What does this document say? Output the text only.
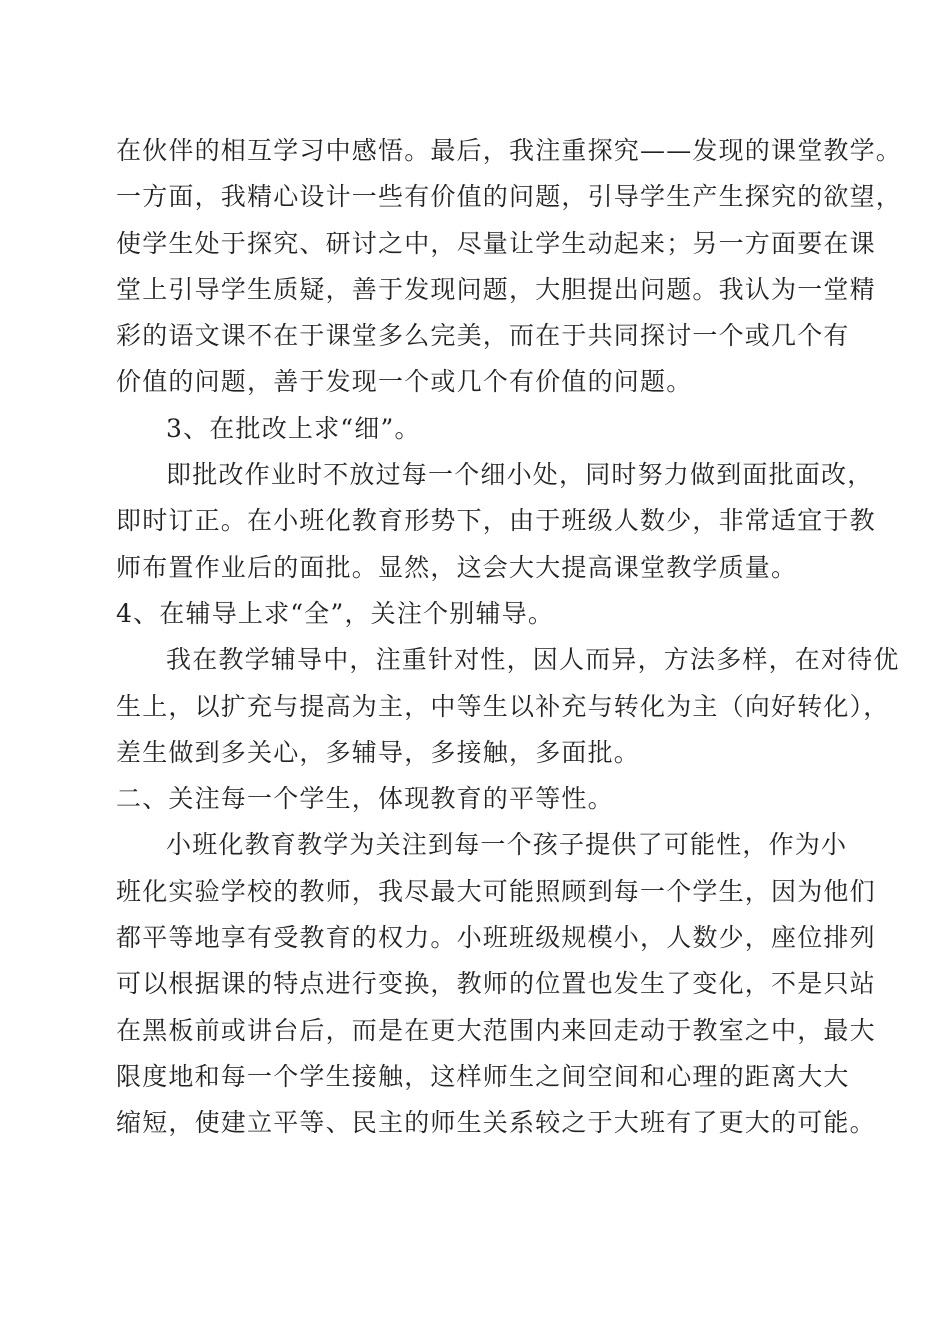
在伙伴的相互学习中感悟。最后，我注重探究——发现的课堂教学。
一方面，我精心设计一些有价值的问题，引导学生产生探究的欲望，
使学生处于探究、研讨之中，尽量让学生动起来；另一方面要在课
堂上引导学生质疑，善于发现问题，大胆提出问题。我认为一堂精
彩的语文课不在于课堂多么完美，而在于共同探讨一个或几个有
价值的问题，善于发现一个或几个有价值的问题。
3、在批改上求“细”。
即批改作业时不放过每一个细小处，同时努力做到面批面改，
即时订正。在小班化教育形势下，由于班级人数少，非常适宜于教
师布置作业后的面批。显然，这会大大提高课堂教学质量。
4、在辅导上求“全”，关注个别辅导。
我在教学辅导中，注重针对性，因人而异，方法多样，在对待优
生上，以扩充与提高为主，中等生以补充与转化为主（向好转化），
差生做到多关心，多辅导，多接触，多面批。
二、关注每一个学生，体现教育的平等性。
小班化教育教学为关注到每一个孩子提供了可能性，作为小
班化实验学校的教师，我尽最大可能照顾到每一个学生，因为他们
都平等地享有受教育的权力。小班班级规模小，人数少，座位排列
可以根据课的特点进行变换，教师的位置也发生了变化，不是只站
在黑板前或讲台后，而是在更大范围内来回走动于教室之中，最大
限度地和每一个学生接触，这样师生之间空间和心理的距离大大
缩短，使建立平等、民主的师生关系较之于大班有了更大的可能。
